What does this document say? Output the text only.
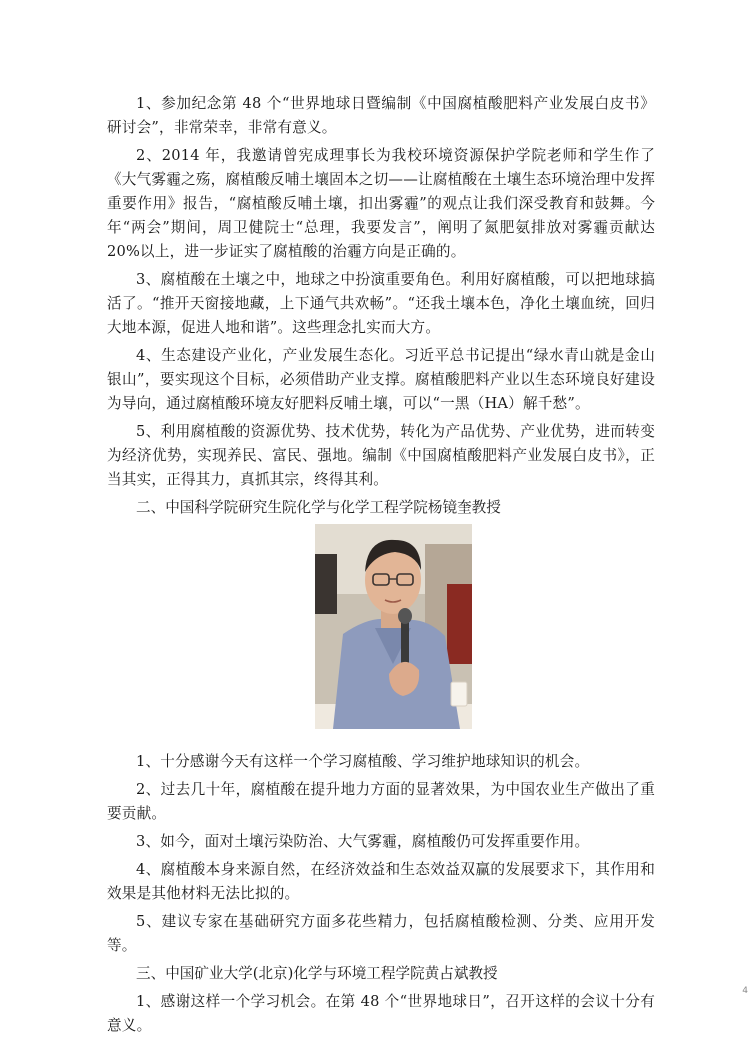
1、参加纪念第 48 个“世界地球日暨编制《中国腐植酸肥料产业发展白皮书》研讨会”，非常荣幸，非常有意义。

2、2014 年，我邀请曾宪成理事长为我校环境资源保护学院老师和学生作了《大气雾霾之殇，腐植酸反哺土壤固本之切——让腐植酸在土壤生态环境治理中发挥重要作用》报告，“腐植酸反哺土壤，扣出雾霾”的观点让我们深受教育和鼓舞。今年“两会”期间，周卫健院士“总理，我要发言”，阐明了氮肥氨排放对雾霾贡献达 20%以上，进一步证实了腐植酸的治霾方向是正确的。

3、腐植酸在土壤之中，地球之中扮演重要角色。利用好腐植酸，可以把地球搞活了。“推开天窗接地藏，上下通气共欢畅”。“还我土壤本色，净化土壤血统，回归大地本源，促进人地和谐”。这些理念扎实而大方。

4、生态建设产业化，产业发展生态化。习近平总书记提出“绿水青山就是金山银山”，要实现这个目标，必须借助产业支撑。腐植酸肥料产业以生态环境良好建设为导向，通过腐植酸环境友好肥料反哺土壤，可以“一黑（HA）解千愁”。

5、利用腐植酸的资源优势、技术优势，转化为产品优势、产业优势，进而转变为经济优势，实现养民、富民、强地。编制《中国腐植酸肥料产业发展白皮书》，正当其实，正得其力，真抓其宗，终得其利。

二、中国科学院研究生院化学与化学工程学院杨镜奎教授

1、十分感谢今天有这样一个学习腐植酸、学习维护地球知识的机会。

2、过去几十年，腐植酸在提升地力方面的显著效果，为中国农业生产做出了重要贡献。

3、如今，面对土壤污染防治、大气雾霾，腐植酸仍可发挥重要作用。

4、腐植酸本身来源自然，在经济效益和生态效益双赢的发展要求下，其作用和效果是其他材料无法比拟的。

5、建议专家在基础研究方面多花些精力，包括腐植酸检测、分类、应用开发等。

三、中国矿业大学(北京)化学与环境工程学院黄占斌教授

1、感谢这样一个学习机会。在第 48 个“世界地球日”，召开这样的会议十分有意义。

4
